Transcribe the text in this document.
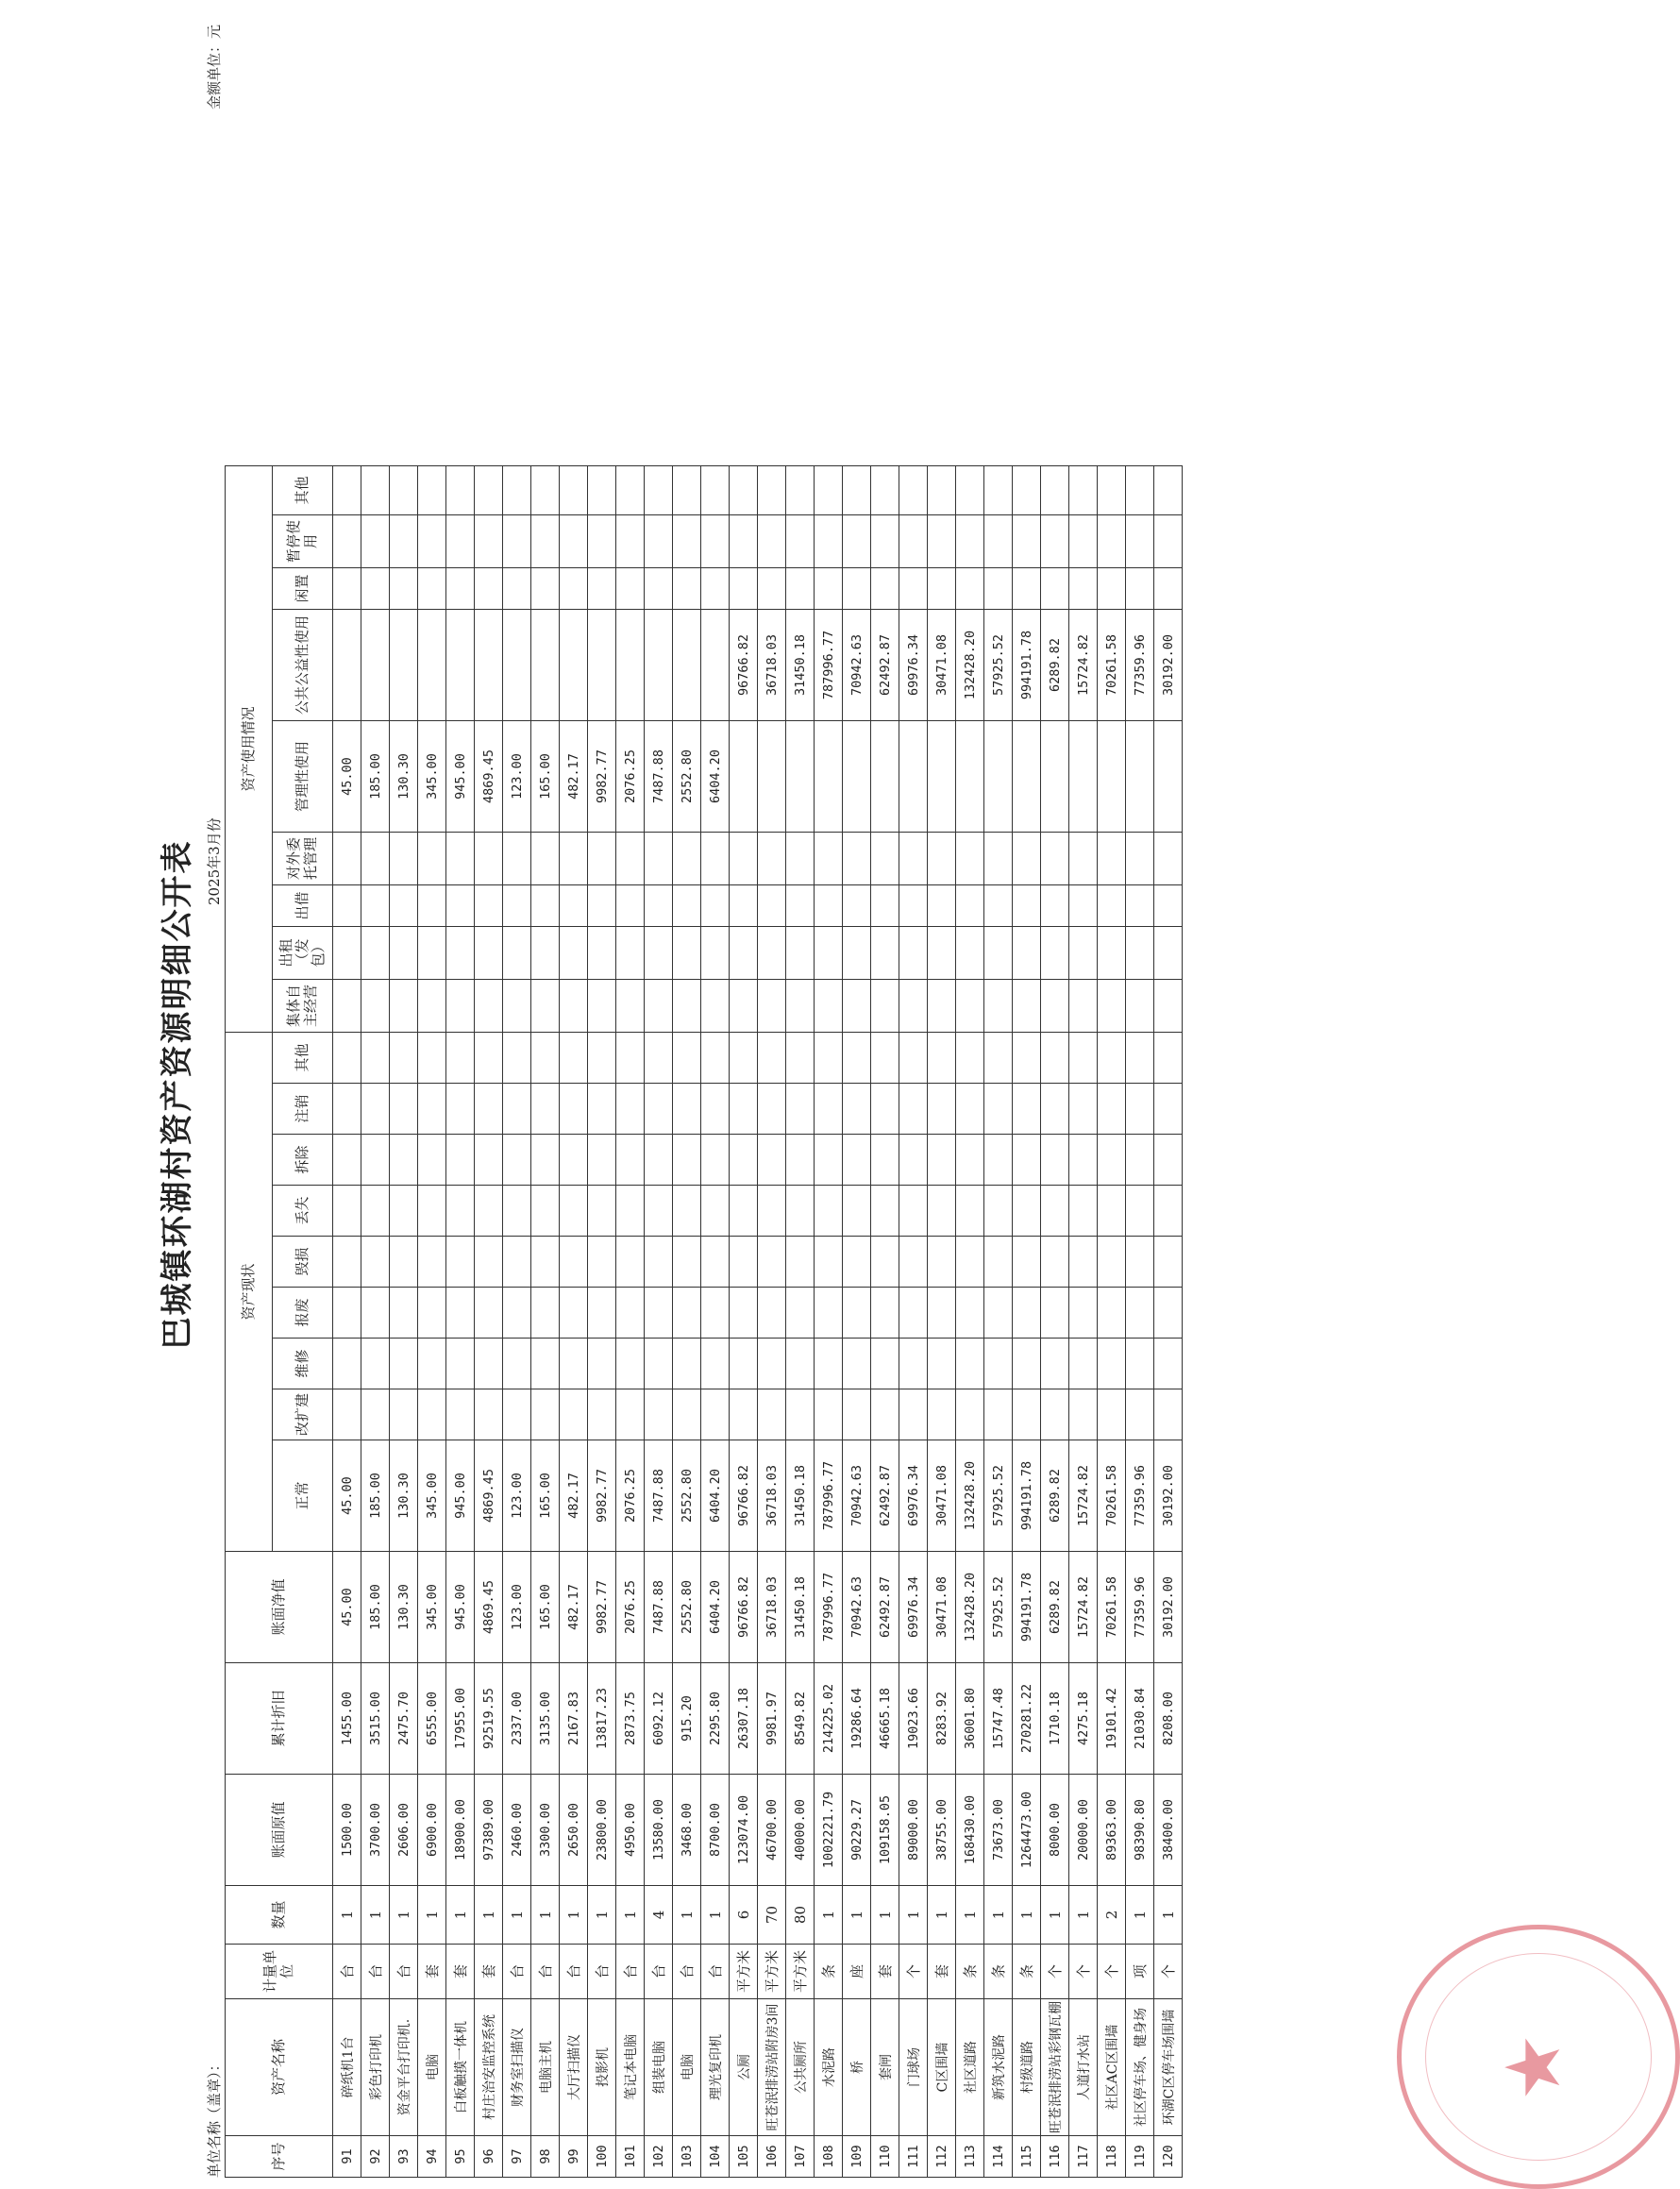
巴城镇环湖村资产资源明细公开表
单位名称（盖章）：
2025年3月份
金额单位：元
序号	资产名称	计量单位	数量	账面原值	累计折旧	账面净值	资产现状									资产使用情况								
							正常	改扩建	维修	报废	毁损	丢失	拆除	注销	其他	集体自主经营	出租（发包）	出借	对外委托管理	管理性使用	公共公益性使用	闲置	暂停使用	其他
91	碎纸机1台	台	1	1500.00	1455.00	45.00	45.00													45.00				
92	彩色打印机	台	1	3700.00	3515.00	185.00	185.00													185.00				
93	资金平台打印机.	台	1	2606.00	2475.70	130.30	130.30													130.30				
94	电脑	套	1	6900.00	6555.00	345.00	345.00													345.00				
95	白板触摸一体机	套	1	18900.00	17955.00	945.00	945.00													945.00				
96	村庄治安监控系统	套	1	97389.00	92519.55	4869.45	4869.45													4869.45				
97	财务室扫描仪	台	1	2460.00	2337.00	123.00	123.00													123.00				
98	电脑主机	台	1	3300.00	3135.00	165.00	165.00													165.00				
99	大厅扫描仪	台	1	2650.00	2167.83	482.17	482.17													482.17				
100	投影机	台	1	23800.00	13817.23	9982.77	9982.77													9982.77				
101	笔记本电脑	台	1	4950.00	2873.75	2076.25	2076.25													2076.25				
102	组装电脑	台	4	13580.00	6092.12	7487.88	7487.88													7487.88				
103	电脑	台	1	3468.00	915.20	2552.80	2552.80													2552.80				
104	理光复印机	台	1	8700.00	2295.80	6404.20	6404.20													6404.20				
105	公厕	平方米	6	123074.00	26307.18	96766.82	96766.82														96766.82			
106	旺苍泯排涝站附房3间	平方米	70	46700.00	9981.97	36718.03	36718.03														36718.03			
107	公共厕所	平方米	80	40000.00	8549.82	31450.18	31450.18														31450.18			
108	水泥路	条	1	1002221.79	214225.02	787996.77	787996.77														787996.77			
109	桥	座	1	90229.27	19286.64	70942.63	70942.63														70942.63			
110	套闸	套	1	109158.05	46665.18	62492.87	62492.87														62492.87			
111	门球场	个	1	89000.00	19023.66	69976.34	69976.34														69976.34			
112	C区围墙	套	1	38755.00	8283.92	30471.08	30471.08														30471.08			
113	社区道路	条	1	168430.00	36001.80	132428.20	132428.20														132428.20			
114	新筑水泥路	条	1	73673.00	15747.48	57925.52	57925.52														57925.52			
115	村级道路	条	1	1264473.00	270281.22	994191.78	994191.78														994191.78			
116	旺苍泯排涝站彩钢瓦棚	个	1	8000.00	1710.18	6289.82	6289.82														6289.82			
117	人道打水站	个	1	20000.00	4275.18	15724.82	15724.82														15724.82			
118	社区AC区围墙	个	2	89363.00	19101.42	70261.58	70261.58														70261.58			
119	社区停车场、健身场	项	1	98390.80	21030.84	77359.96	77359.96														77359.96			
120	环湖C区停车场围墙	个	1	38400.00	8208.00	30192.00	30192.00														30192.00			
★
